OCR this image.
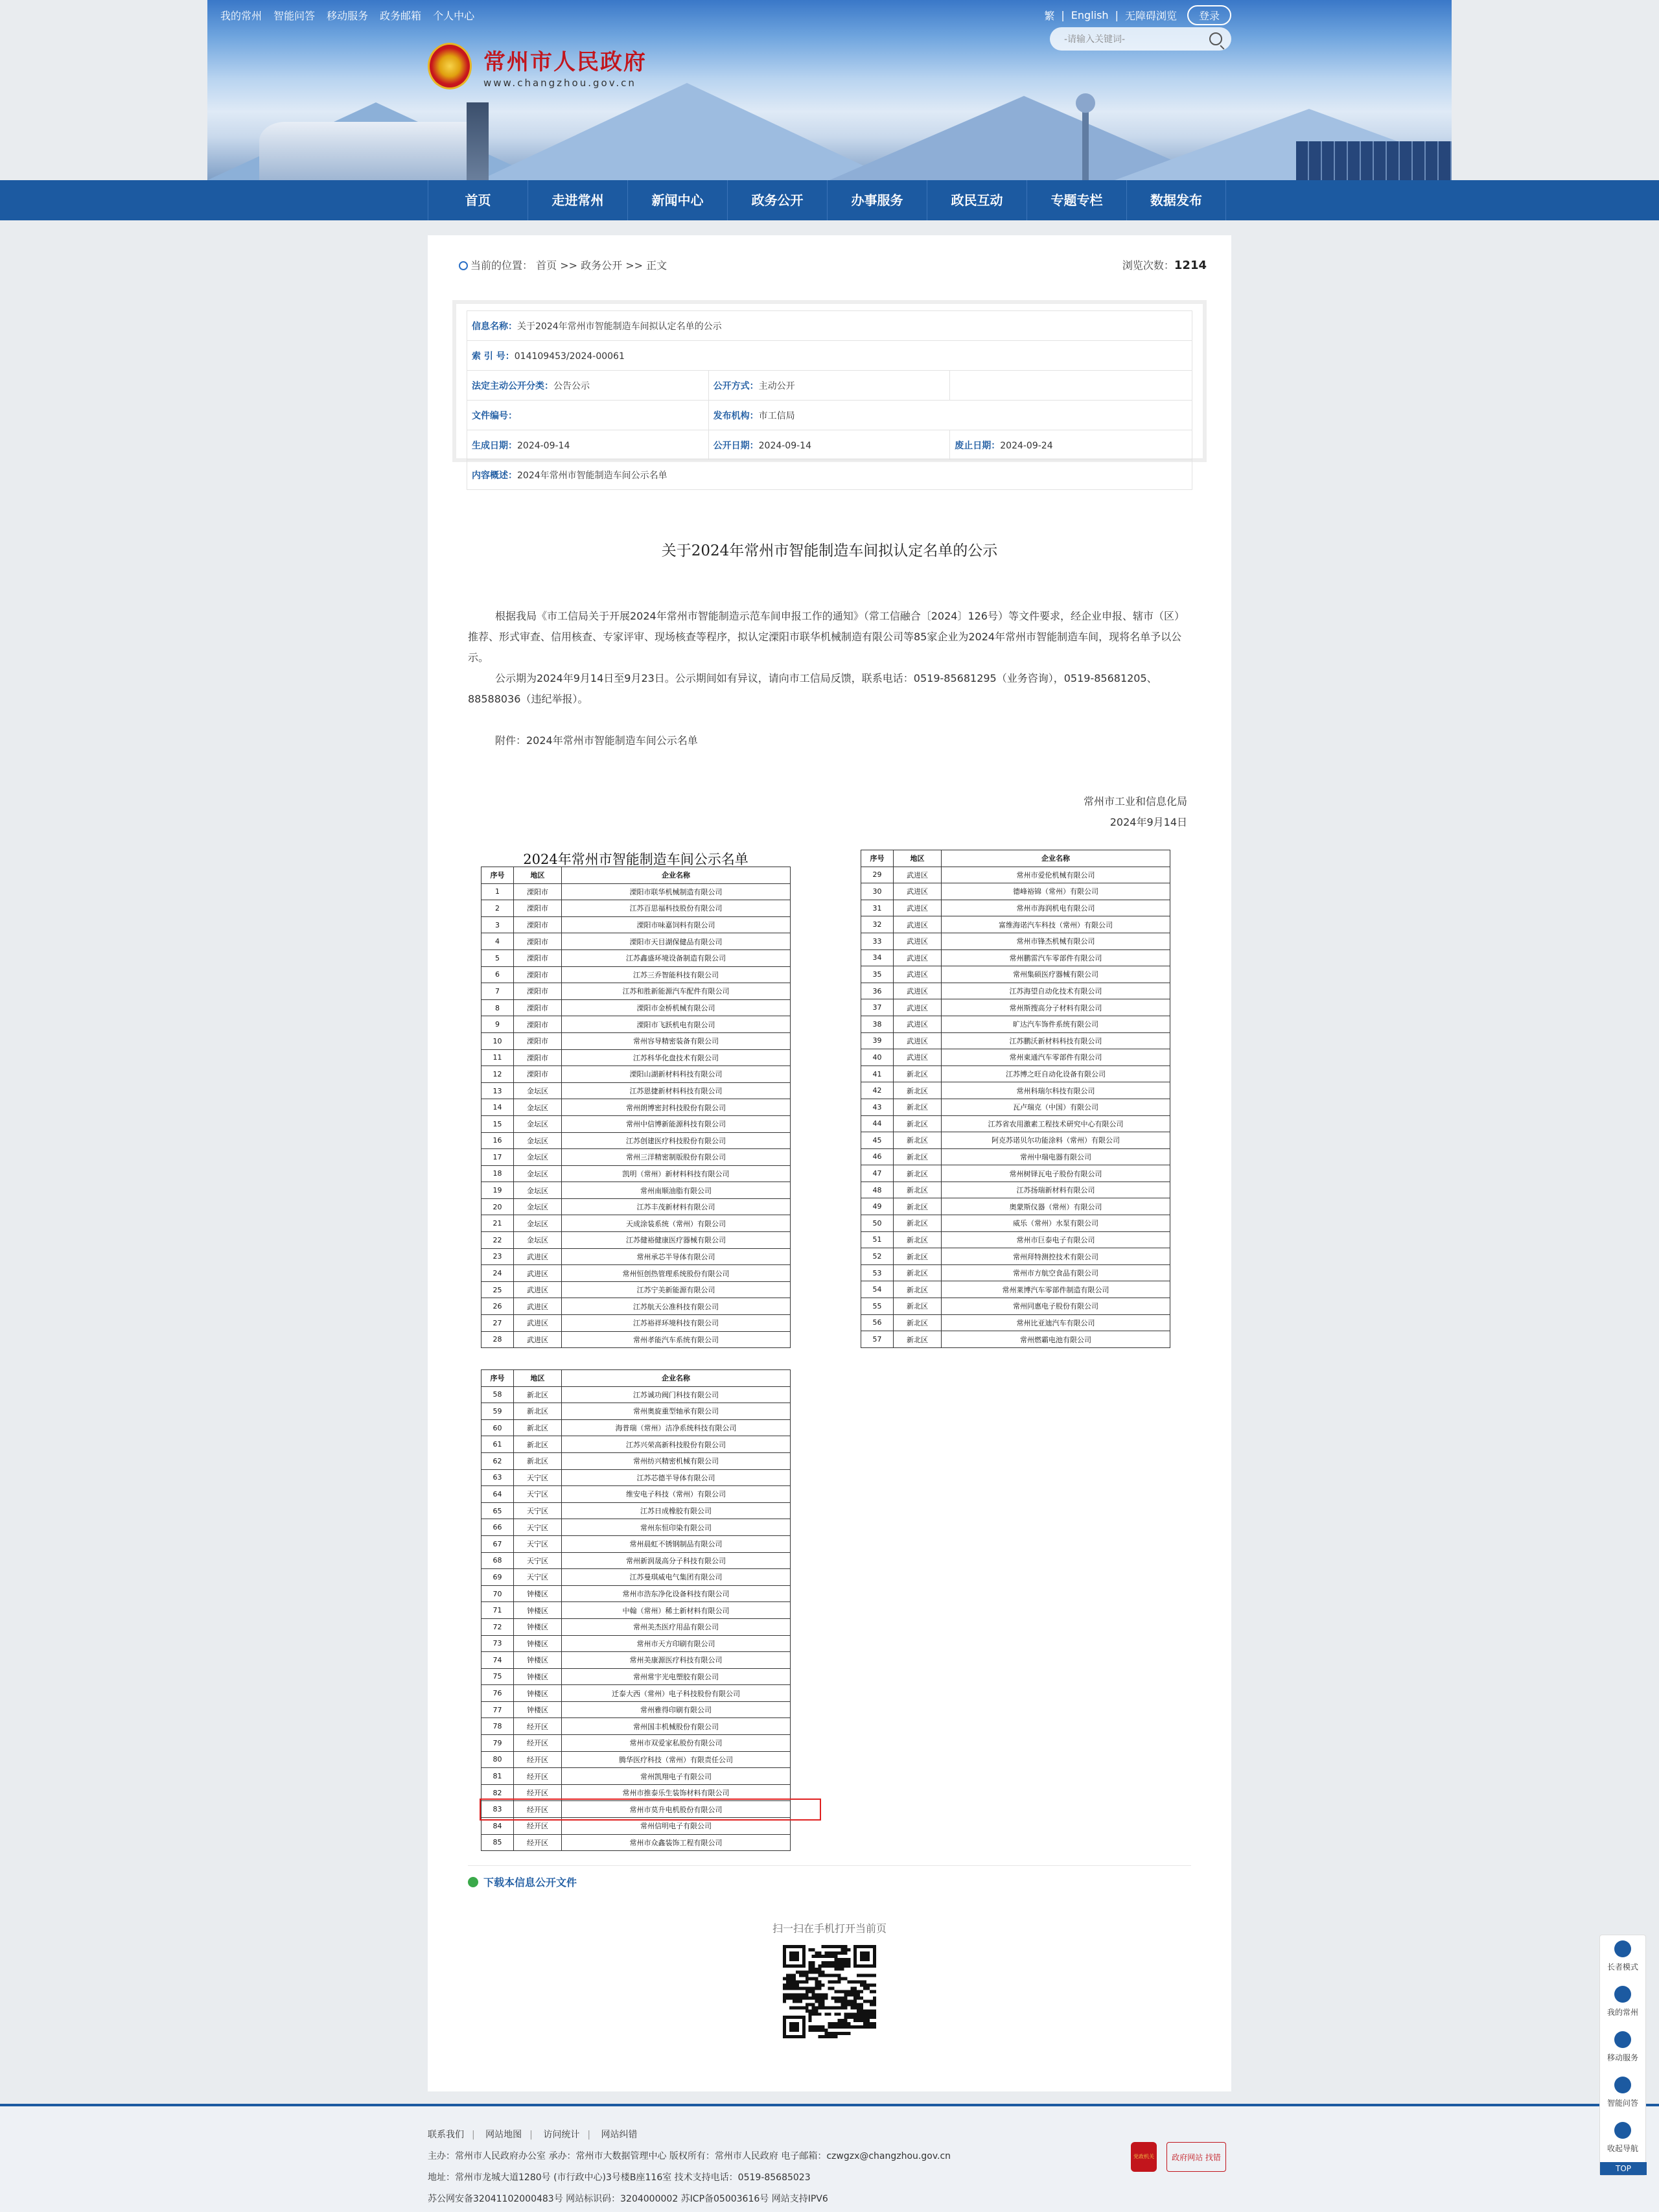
我的常州 智能问答 移动服务 政务邮箱 个人中心	繁 | English | 无障碍浏览	登录
-请输入关键词-
常州市人民政府
www.changzhou.gov.cn
首页	走进常州	新闻中心	政务公开	办事服务	政民互动	专题专栏	数据发布
当前的位置： 首页 >> 政务公开 >> 正文	浏览次数：1214
信息名称：关于2024年常州市智能制造车间拟认定名单的公示		
索 引 号：014109453/2024-00061		
法定主动公开分类：公告公示	公开方式：主动公开	
文件编号：	发布机构：市工信局	
生成日期：2024-09-14	公开日期：2024-09-14	废止日期：2024-09-24
内容概述：2024年常州市智能制造车间公示名单		
关于2024年常州市智能制造车间拟认定名单的公示
根据我局《市工信局关于开展2024年常州市智能制造示范车间申报工作的通知》（常工信融合〔2024〕126号）等文件要求，经企业申报、辖市（区）推荐、形式审查、信用核查、专家评审、现场核查等程序，拟认定溧阳市联华机械制造有限公司等85家企业为2024年常州市智能制造车间，现将名单予以公示。
公示期为2024年9月14日至9月23日。公示期间如有异议，请向市工信局反馈，联系电话：0519-85681295（业务咨询），0519-85681205、88588036（违纪举报）。
附件：2024年常州市智能制造车间公示名单
常州市工业和信息化局
2024年9月14日
2024年常州市智能制造车间公示名单
序号	地区	企业名称
1	溧阳市	溧阳市联华机械制造有限公司
2	溧阳市	江苏百思福科技股份有限公司
3	溧阳市	溧阳市味嘉饲料有限公司
4	溧阳市	溧阳市天目湖保健品有限公司
5	溧阳市	江苏鑫盛环境设备制造有限公司
6	溧阳市	江苏三乔智能科技有限公司
7	溧阳市	江苏和胜新能源汽车配件有限公司
8	溧阳市	溧阳市金桥机械有限公司
9	溧阳市	溧阳市飞跃机电有限公司
10	溧阳市	常州容导精密装备有限公司
11	溧阳市	江苏科华化盘技术有限公司
12	溧阳市	溧阳山湖新材料科技有限公司
13	金坛区	江苏恩捷新材料科技有限公司
14	金坛区	常州朗博密封科技股份有限公司
15	金坛区	常州中信博新能源科技有限公司
16	金坛区	江苏创建医疗科技股份有限公司
17	金坛区	常州三洋精密制版股份有限公司
18	金坛区	凯明（常州）新材料科技有限公司
19	金坛区	常州南顺油脂有限公司
20	金坛区	江苏丰茂新材料有限公司
21	金坛区	天成涂装系统（常州）有限公司
22	金坛区	江苏健裕健康医疗器械有限公司
23	武进区	常州承芯半导体有限公司
24	武进区	常州恒创热管理系统股份有限公司
25	武进区	江苏宁美新能源有限公司
26	武进区	江苏航天公准科技有限公司
27	武进区	江苏裕祥环境科技有限公司
28	武进区	常州孝能汽车系统有限公司
序号	地区	企业名称
29	武进区	常州市爱伦机械有限公司
30	武进区	德峰裕锦（常州）有限公司
31	武进区	常州市海润机电有限公司
32	武进区	富维海诺汽车科技（常州）有限公司
33	武进区	常州市锋杰机械有限公司
34	武进区	常州鹏雷汽车零部件有限公司
35	武进区	常州集硕医疗器械有限公司
36	武进区	江苏海望自动化技术有限公司
37	武进区	常州斯搜高分子材料有限公司
38	武进区	旷达汽车饰件系统有限公司
39	武进区	江苏鹏沃新材料科技有限公司
40	武进区	常州東通汽车零部件有限公司
41	新北区	江苏博之旺自动化设备有限公司
42	新北区	常州科瑞尔科技有限公司
43	新北区	瓦卢瑞克（中国）有限公司
44	新北区	江苏省农用激素工程技术研究中心有限公司
45	新北区	阿克苏诺贝尔功能涂料（常州）有限公司
46	新北区	常州中瑞电器有限公司
47	新北区	常州树铎瓦电子股份有限公司
48	新北区	江苏扬瑞新材料有限公司
49	新北区	奥蒙斯仪器（常州）有限公司
50	新北区	威乐（常州）水泵有限公司
51	新北区	常州市巨泰电子有限公司
52	新北区	常州拜特测控技术有限公司
53	新北区	常州市方航空食品有限公司
54	新北区	常州莱博汽车零部件制造有限公司
55	新北区	常州同惠电子股份有限公司
56	新北区	常州比亚迪汽车有限公司
57	新北区	常州燃霸电池有限公司
序号	地区	企业名称
58	新北区	江苏诚功阀门科技有限公司
59	新北区	常州奥旋重型轴承有限公司
60	新北区	海普瑞（常州）洁净系统科技有限公司
61	新北区	江苏兴荣高新科技股份有限公司
62	新北区	常州纺兴精密机械有限公司
63	天宁区	江苏芯德半导体有限公司
64	天宁区	维安电子科技（常州）有限公司
65	天宁区	江苏日成橡胶有限公司
66	天宁区	常州东恒印染有限公司
67	天宁区	常州晨虹不锈钢制品有限公司
68	天宁区	常州新润晟高分子科技有限公司
69	天宁区	江苏曼琪威电气集团有限公司
70	钟楼区	常州市浩东净化设备科技有限公司
71	钟楼区	中翰（常州）稀土新材料有限公司
72	钟楼区	常州美杰医疗用品有限公司
73	钟楼区	常州市天方印刷有限公司
74	钟楼区	常州美康源医疗科技有限公司
75	钟楼区	常州常宇光电塑胶有限公司
76	钟楼区	迁泰大西（常州）电子科技股份有限公司
77	钟楼区	常州雅得印刷有限公司
78	经开区	常州国丰机械股份有限公司
79	经开区	常州市双爱家私股份有限公司
80	经开区	腾华医疗科技（常州）有限责任公司
81	经开区	常州凯翔电子有限公司
82	经开区	常州市推泰乐生装饰材料有限公司
83	经开区	常州市莫升电机股份有限公司
84	经开区	常州信明电子有限公司
85	经开区	常州市众鑫装饰工程有限公司
下载本信息公开文件
扫一扫在手机打开当前页
联系我们 | 网站地图 | 访问统计 | 网站纠错
主办：常州市人民政府办公室 承办：常州市大数据管理中心 版权所有：常州市人民政府 电子邮箱：czwgzx@changzhou.gov.cn
地址：常州市龙城大道1280号 (市行政中心)3号楼B座116室 技术支持电话：0519-85685023
苏公网安备32041102000483号 网站标识码：3204000002 苏ICP备05003616号 网站支持IPV6
党政机关 政府网站 找错
长者模式
我的常州
移动服务
智能问答
收起导航
TOP
